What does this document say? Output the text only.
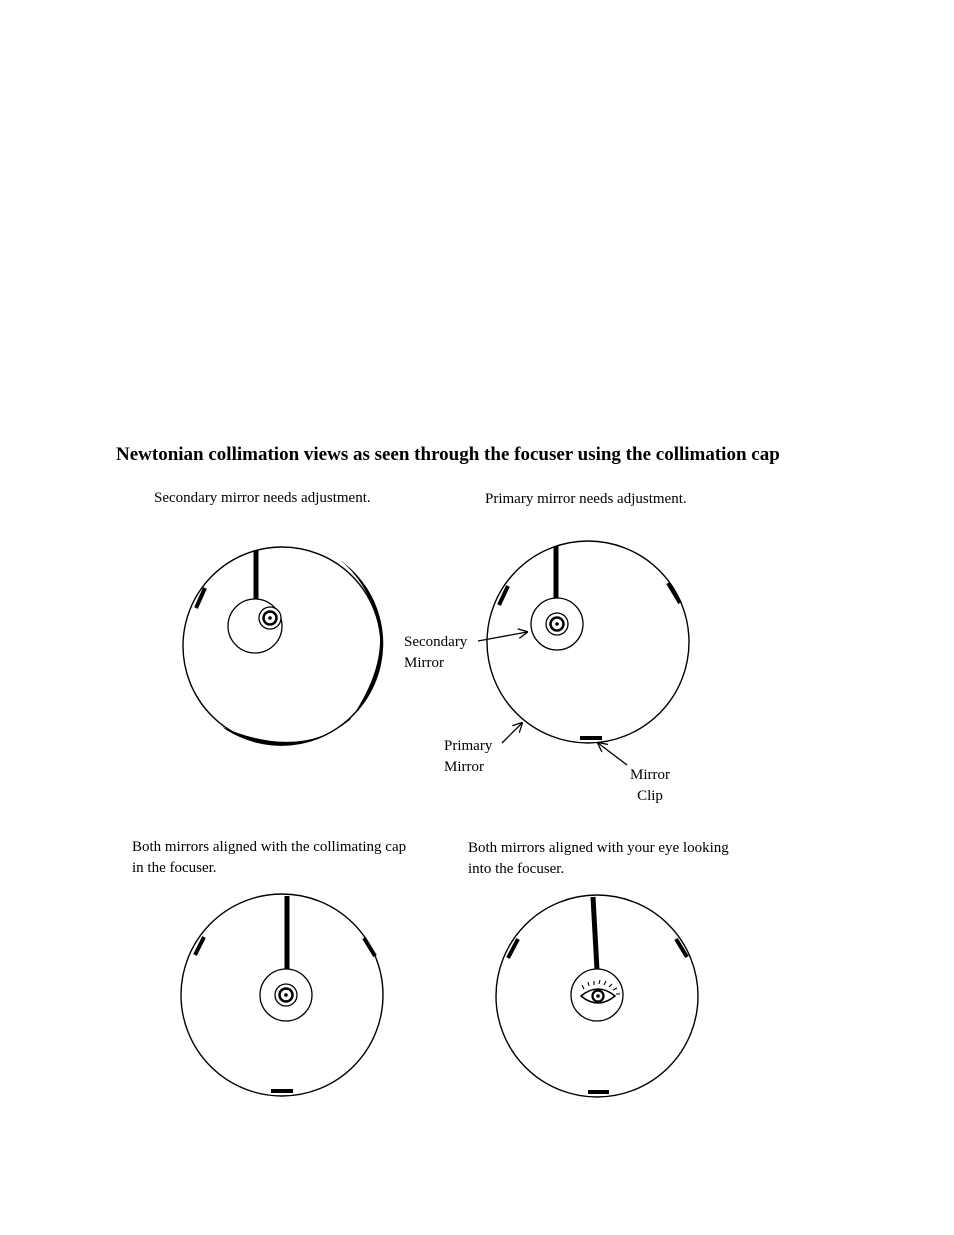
Newtonian collimation views as seen through the focuser using the collimation cap
Secondary mirror needs adjustment.	Primary mirror needs adjustment.
Both mirrors aligned with the collimating cap
in the focuser.
Both mirrors aligned with your eye looking
into the focuser.
Secondary
Mirror
Primary
Mirror	Mirror
Clip
